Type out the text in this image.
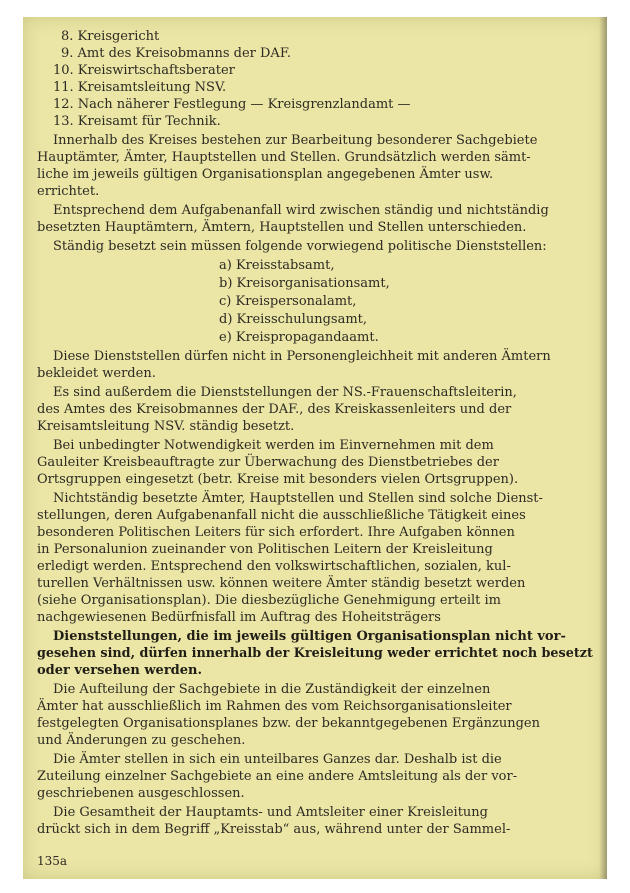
8. Kreisgericht
9. Amt des Kreisobmanns der DAF.
10. Kreiswirtschaftsberater
11. Kreisamtsleitung NSV.
12. Nach näherer Festlegung — Kreisgrenzlandamt —
13. Kreisamt für Technik.
Innerhalb des Kreises bestehen zur Bearbeitung besonderer Sachgebiete
Hauptämter, Ämter, Hauptstellen und Stellen. Grundsätzlich werden sämt-
liche im jeweils gültigen Organisationsplan angegebenen Ämter usw.
errichtet.
Entsprechend dem Aufgabenanfall wird zwischen ständig und nichtständig
besetzten Hauptämtern, Ämtern, Hauptstellen und Stellen unterschieden.
Ständig besetzt sein müssen folgende vorwiegend politische Dienststellen:
a) Kreisstabsamt,
b) Kreisorganisationsamt,
c) Kreispersonalamt,
d) Kreisschulungsamt,
e) Kreispropagandaamt.
Diese Dienststellen dürfen nicht in Personengleichheit mit anderen Ämtern
bekleidet werden.
Es sind außerdem die Dienststellungen der NS.-Frauenschaftsleiterin,
des Amtes des Kreisobmannes der DAF., des Kreiskassenleiters und der
Kreisamtsleitung NSV. ständig besetzt.
Bei unbedingter Notwendigkeit werden im Einvernehmen mit dem
Gauleiter Kreisbeauftragte zur Überwachung des Dienstbetriebes der
Ortsgruppen eingesetzt (betr. Kreise mit besonders vielen Ortsgruppen).
Nichtständig besetzte Ämter, Hauptstellen und Stellen sind solche Dienst-
stellungen, deren Aufgabenanfall nicht die ausschließliche Tätigkeit eines
besonderen Politischen Leiters für sich erfordert. Ihre Aufgaben können
in Personalunion zueinander von Politischen Leitern der Kreisleitung
erledigt werden. Entsprechend den volkswirtschaftlichen, sozialen, kul-
turellen Verhältnissen usw. können weitere Ämter ständig besetzt werden
(siehe Organisationsplan). Die diesbezügliche Genehmigung erteilt im
nachgewiesenen Bedürfnisfall im Auftrag des Hoheitsträgers
Dienststellungen, die im jeweils gültigen Organisationsplan nicht vor-
gesehen sind, dürfen innerhalb der Kreisleitung weder errichtet noch besetzt
oder versehen werden.
Die Aufteilung der Sachgebiete in die Zuständigkeit der einzelnen
Ämter hat ausschließlich im Rahmen des vom Reichsorganisationsleiter
festgelegten Organisationsplanes bzw. der bekanntgegebenen Ergänzungen
und Änderungen zu geschehen.
Die Ämter stellen in sich ein unteilbares Ganzes dar. Deshalb ist die
Zuteilung einzelner Sachgebiete an eine andere Amtsleitung als der vor-
geschriebenen ausgeschlossen.
Die Gesamtheit der Hauptamts- und Amtsleiter einer Kreisleitung
drückt sich in dem Begriff „Kreisstab“ aus, während unter der Sammel-
135a
